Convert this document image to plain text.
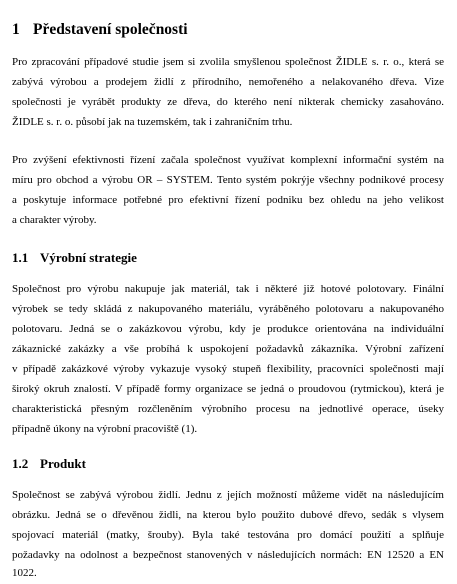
1 Představení společnosti
Pro zpracování případové studie jsem si zvolila smyšlenou společnost ŽIDLE s. r. o., která se
zabývá výrobou a prodejem židlí z přírodního, nemořeného a nelakovaného dřeva. Vize
společnosti je vyrábět produkty ze dřeva, do kterého není nikterak chemicky zasahováno.
ŽIDLE s. r. o. působí jak na tuzemském, tak i zahraničním trhu.
Pro zvýšení efektivnosti řízení začala společnost využívat komplexní informační systém na
míru pro obchod a výrobu OR – SYSTEM. Tento systém pokrýje všechny podnikové procesy
a poskytuje informace potřebné pro efektivní řízení podniku bez ohledu na jeho velikost
a charakter výroby.
1.1 Výrobní strategie
Společnost pro výrobu nakupuje jak materiál, tak i některé již hotové polotovary. Finální
výrobek se tedy skládá z nakupovaného materiálu, vyráběného polotovaru a nakupovaného
polotovaru. Jedná se o zakázkovou výrobu, kdy je produkce orientována na individuální
zákaznické zakázky a vše probíhá k uspokojení požadavků zákazníka. Výrobní zařízení
v případě zakázkové výroby vykazuje vysoký stupeň flexibility, pracovníci společnosti mají
široký okruh znalostí. V případě formy organizace se jedná o proudovou (rytmickou), která je
charakteristická přesným rozčleněním výrobního procesu na jednotlivé operace, úseky
případně úkony na výrobní pracoviště (1).
1.2 Produkt
Společnost se zabývá výrobou židlí. Jednu z jejích možností můžeme vidět na následujícím
obrázku. Jedná se o dřevěnou židli, na kterou bylo použito dubové dřevo, sedák s vlysem
spojovací materiál (matky, šrouby). Byla také testována pro domácí použití a splňuje
požadavky na odolnost a bezpečnost stanovených v následujících normách: EN 12520 a EN
1022.
